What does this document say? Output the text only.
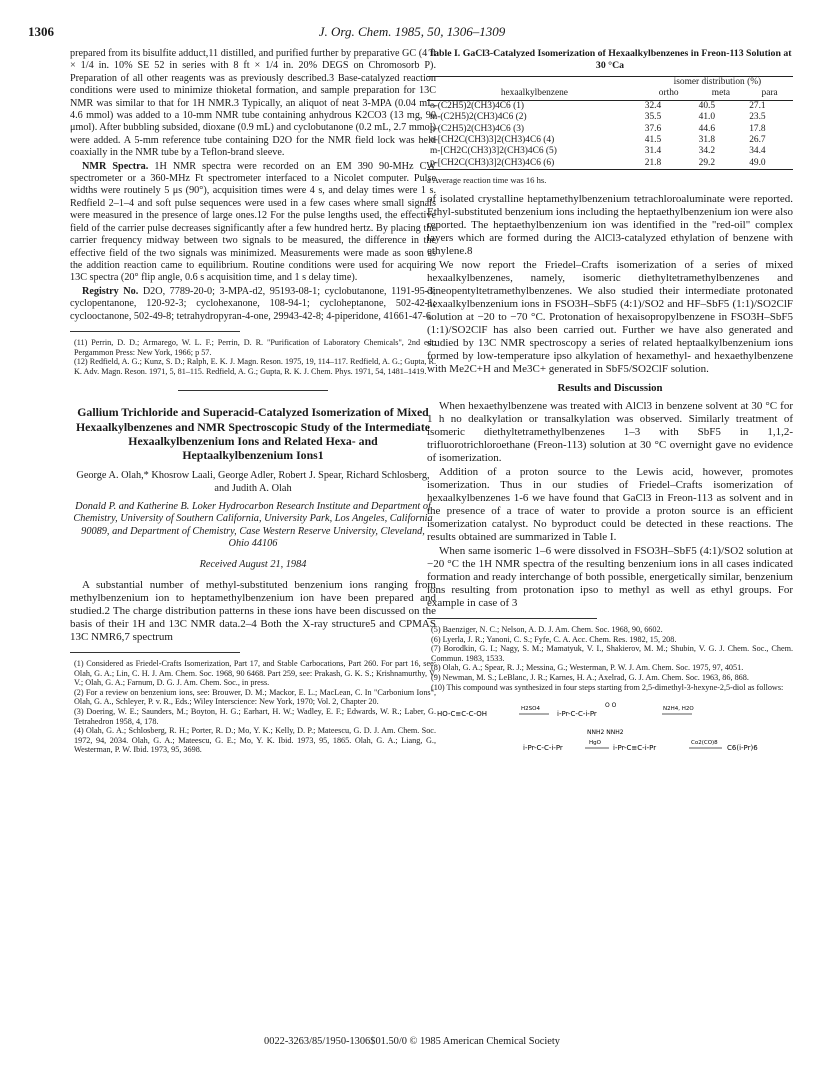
1306	J. Org. Chem. 1985, 50, 1306–1309

prepared from its bisulfite adduct,11 distilled, and purified further by preparative GC (4 ft × 1/4 in. 10% SE 52 in series with 8 ft × 1/4 in. 20% DEGS on Chromosorb P). Preparation of all other reagents was as previously described.3 Base-catalyzed reaction conditions were used to minimize thioketal formation, and sample preparation for 13C NMR was similar to that for 1H NMR.3 Typically, an aliquot of neat 3-MPA (0.04 mL, 4.6 mmol) was added to a 10-mm NMR tube containing anhydrous K2CO3 (13 mg, 90 μmol). After bubbling subsided, dioxane (0.9 mL) and cyclobutanone (0.2 mL, 2.7 mmol) were added. A 5-mm reference tube containing D2O for the NMR field lock was held coaxially in the NMR tube by a Teflon-brand sleeve.

NMR Spectra. 1H NMR spectra were recorded on an EM 390 90-MHz CW spectrometer or a 360-MHz Ft spectrometer interfaced to a Nicolet computer. Pulse widths were routinely 5 μs (90°), acquisition times were 4 s, and delay times were 1 s. Redfield 2–1–4 and soft pulse sequences were used in a few cases where small signals were measured in the presence of large ones.12 For the pulse lengths used, the effective field of the carrier pulse decreases significantly after a few hundred hertz. By placing the carrier frequency midway between two signals to be measured, the difference in the effective field of the two signals was minimized. Measurements were made as soon as the addition reaction came to equilibrium. Routine conditions were used for acquiring 13C spectra (20° flip angle, 0.6 s acquisition time, and 1 s delay time).

Registry No. D2O, 7789-20-0; 3-MPA-d2, 95193-08-1; cyclobutanone, 1191-95-3; cyclopentanone, 120-92-3; cyclohexanone, 108-94-1; cycloheptanone, 502-42-1; cyclooctanone, 502-49-8; tetrahydropyran-4-one, 29943-42-8; 4-piperidone, 41661-47-6.

(11) Perrin, D. D.; Armarego, W. L. F.; Perrin, D. R. "Purification of Laboratory Chemicals", 2nd ed.; Pergammon Press: New York, 1966; p 57.

(12) Redfield, A. G.; Kunz, S. D.; Ralph, E. K. J. Magn. Reson. 1975, 19, 114–117. Redfield, A. G.; Gupta, R. K. Adv. Magn. Reson. 1971, 5, 81–115. Redfield, A. G.; Gupta, R. K. J. Chem. Phys. 1971, 54, 1481–1419.

Gallium Trichloride and Superacid-Catalyzed Isomerization of Mixed Hexaalkylbenzenes and NMR Spectroscopic Study of the Intermediate Hexaalkylbenzenium Ions and Related Hexa- and Heptaalkylbenzenium Ions1
George A. Olah,* Khosrow Laali, George Adler, Robert J. Spear, Richard Schlosberg, and Judith A. Olah
Donald P. and Katherine B. Loker Hydrocarbon Research Institute and Department of Chemistry, University of Southern California, University Park, Los Angeles, California 90089, and Department of Chemistry, Case Western Reserve University, Cleveland, Ohio 44106
Received August 21, 1984

A substantial number of methyl-substituted benzenium ions ranging from methylbenzenium ion to heptamethylbenzenium ion have been prepared and studied.2 The charge distribution patterns in these ions have been discussed on the basis of their 1H and 13C NMR data.2–4 Both the X-ray structure5 and CPMAS 13C NMR6,7 spectrum

(1) Considered as Friedel-Crafts Isomerization, Part 17, and Stable Carbocations, Part 260. For part 16, see: Olah, G. A.; Lin, C. H. J. Am. Chem. Soc. 1968, 90 6468. Part 259, see: Prakash, G. K. S.; Krishnamurthy, V. V.; Olah, G. A.; Farnum, D. G. J. Am. Chem. Soc., in press.

(2) For a review on benzenium ions, see: Brouwer, D. M.; Mackor, E. L.; MacLean, C. In "Carbonium Ions", Olah, G. A., Schleyer, P. v. R., Eds.; Wiley Interscience: New York, 1970; Vol. 2, Chapter 20.

(3) Doering, W. E.; Saunders, M.; Boyton, H. G.; Earhart, H. W.; Wadley, E. F.; Edwards, W. R.; Laber, G. Tetrahedron 1958, 4, 178.

(4) Olah, G. A.; Schlosberg, R. H.; Porter, R. D.; Mo, Y. K.; Kelly, D. P.; Mateescu, G. D. J. Am. Chem. Soc. 1972, 94, 2034. Olah, G. A.; Mateescu, G. E.; Mo, Y. K. Ibid. 1973, 95, 1865. Olah, G. A.; Liang, G., Westerman, P. W. Ibid. 1973, 95, 3698.

Table I. GaCl3-Catalyzed Isomerization of Hexaalkylbenzenes in Freon-113 Solution at 30 °Ca
	isomer distribution (%)		
hexaalkylbenzene	ortho	meta	para
o-(C2H5)2(CH3)4C6 (1)	32.4	40.5	27.1
m-(C2H5)2(CH3)4C6 (2)	35.5	41.0	23.5
p-(C2H5)2(CH3)4C6 (3)	37.6	44.6	17.8
o-[CH2C(CH3)3]2(CH3)4C6 (4)	41.5	31.8	26.7
m-[CH2C(CH3)3]2(CH3)4C6 (5)	31.4	34.2	34.4
p-[CH2C(CH3)3]2(CH3)4C6 (6)	21.8	29.2	49.0
a Average reaction time was 16 hs.

of isolated crystalline heptamethylbenzenium tetrachloroaluminate were reported. Ethyl-substituted benzenium ions including the heptaethylbenzenium ion were also reported. The heptaethylbenzenium ion was identified in the "red-oil" complex layers which are formed during the AlCl3-catalyzed ethylation of benzene with ethylene.8

We now report the Friedel–Crafts isomerization of a series of mixed hexaalkylbenzenes, namely, isomeric diethyltetramethylbenzenes and dineopentyltetramethylbenzenes. We also studied their intermediate protonated hexaalkylbenzenium ions in FSO3H–SbF5 (4:1)/SO2 and HF–SbF5 (1:1)/SO2ClF solution at −20 to −70 °C. Protonation of hexaisopropylbenzene in FSO3H–SbF5 (1:1)/SO2ClF has also been carried out. Further we have also generated and studied by 13C NMR spectroscopy a series of related heptaalkylbenzenium ions formed by low-temperature ipso alkylation of hexamethyl- and hexaethylbenzene with Me2C+H and Me3C+ generated in SbF5/SO2ClF solution.

Results and Discussion

When hexaethylbenzene was treated with AlCl3 in benzene solvent at 30 °C for 1 h no dealkylation or transalkylation was observed. Similarly treatment of isomeric diethyltetramethylbenzenes 1–3 with SbF5 in 1,1,2-trifluorotrichloroethane (Freon-113) solution at 30 °C overnight gave no evidence of isomerization.

Addition of a proton source to the Lewis acid, however, promotes isomerization. Thus in our studies of Friedel–Crafts isomerization of hexaalkylbenzenes 1-6 we have found that GaCl3 in Freon-113 as solvent and in the presence of a trace of water to provide a proton source is an efficient isomerization catalyst. No byproduct could be detected in these reactions. The results obtained are summarized in Table I.

When same isomeric 1–6 were dissolved in FSO3H–SbF5 (4:1)/SO2 solution at −20 °C the 1H NMR spectra of the resulting benzenium ions in all cases indicated formation and ready interchange of both possible, energetically similar, benzenium ions resulting from protonation ipso to methyl as well as ethyl groups. For example in case of 3

(5) Baenziger, N. C.; Nelson, A. D. J. Am. Chem. Soc. 1968, 90, 6602.

(6) Lyerla, J. R.; Yanoni, C. S.; Fyfe, C. A. Acc. Chem. Res. 1982, 15, 208.

(7) Borodkin, G. I.; Nagy, S. M.; Mamatyuk, V. I., Shakierov, M. M.; Shubin, V. G. J. Chem. Soc., Chem. Commun. 1983, 1533.

(8) Olah, G. A.; Spear, R. J.; Messina, G.; Westerman, P. W. J. Am. Chem. Soc. 1975, 97, 4051.

(9) Newman, M. S.; LeBlanc, J. R.; Karnes, H. A.; Axelrad, G. J. Am. Chem. Soc. 1963, 86, 868.

(10) This compound was synthesized in four steps starting from 2,5-dimethyl-3-hexyne-2,5-diol as follows:

HO-C≡C-C-OH
O O
H2SO4
i-Pr-C-C-i-Pr
N2H4, H2O
NNH2 NNH2
i-Pr-C-C-i-Pr
HgO
i-Pr-C≡C-i-Pr
Co2(CO)8
C6(i-Pr)6
0022-3263/85/1950-1306$01.50/0 © 1985 American Chemical Society
